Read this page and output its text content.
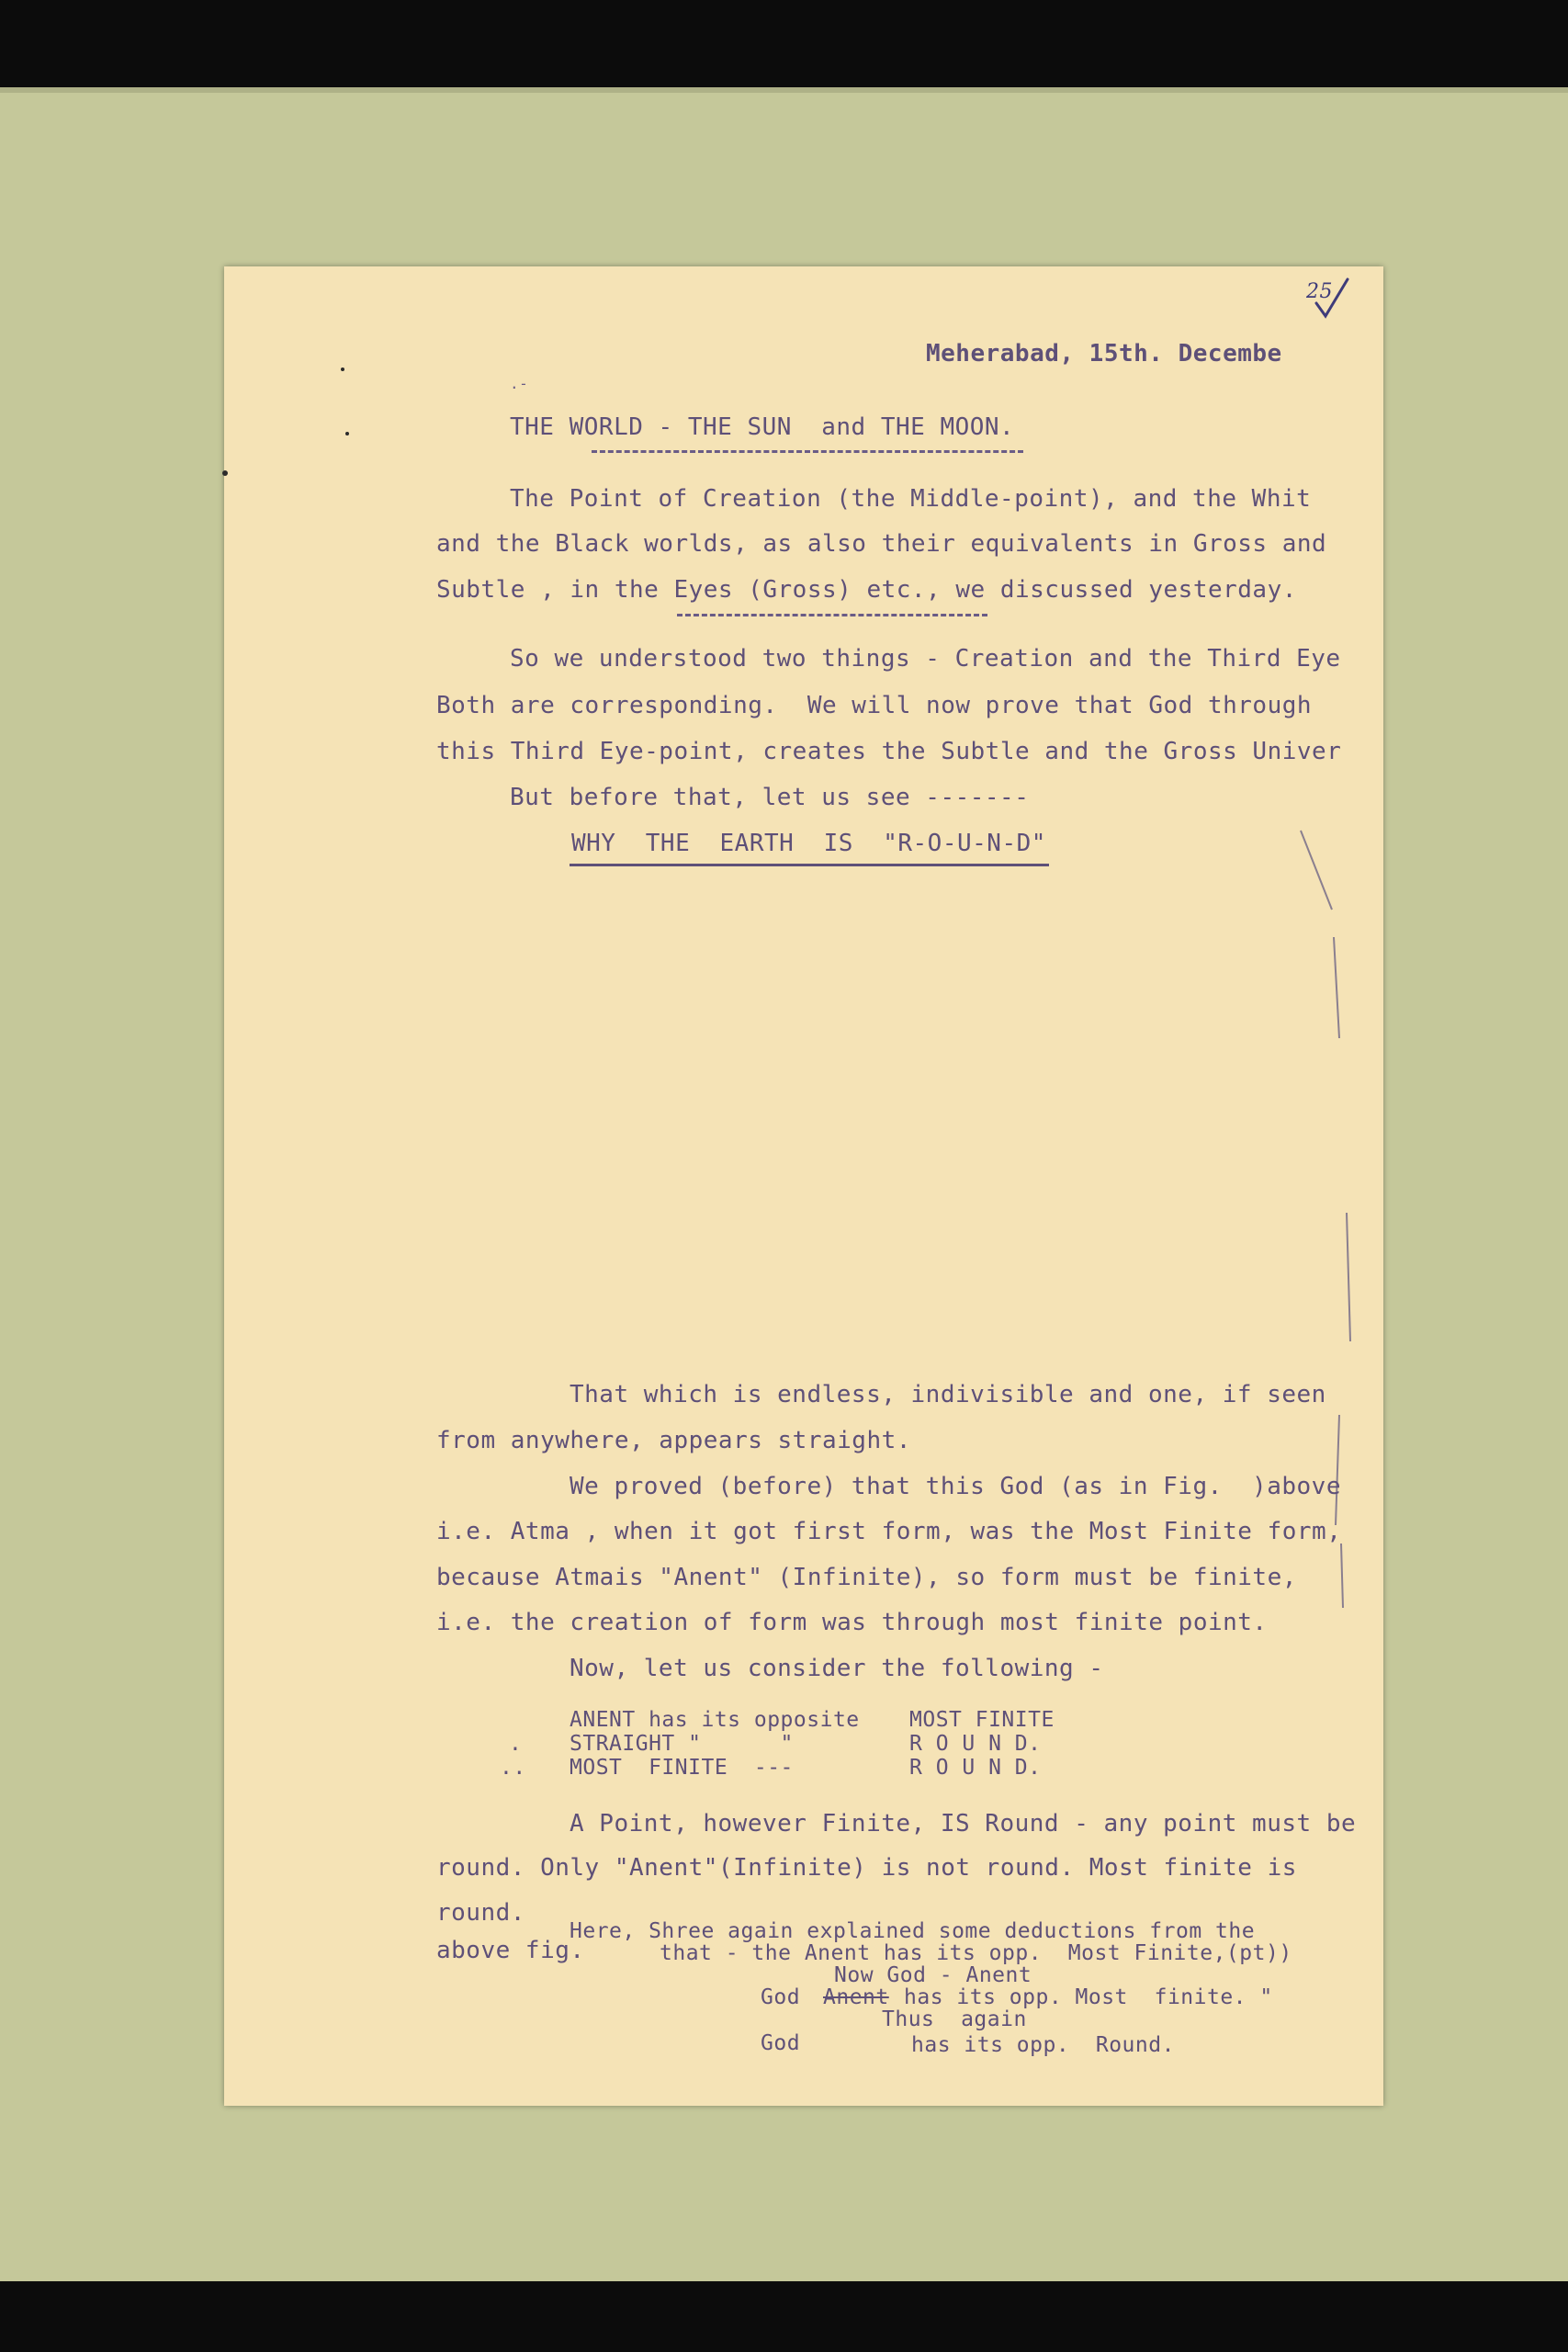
25
Meherabad, 15th. Decembe
.-
THE WORLD - THE SUN  and THE MOON.
The Point of Creation (the Middle-point), and the Whit
and the Black worlds, as also their equivalents in Gross and
Subtle , in the Eyes (Gross) etc., we discussed yesterday.
So we understood two things - Creation and the Third Eye
Both are corresponding.  We will now prove that God through
this Third Eye-point, creates the Subtle and the Gross Univer
But before that, let us see -------
WHY  THE  EARTH  IS  "R-O-U-N-D"
That which is endless, indivisible and one, if seen
from anywhere, appears straight.
We proved (before) that this God (as in Fig.  )above
i.e. Atma , when it got first form, was the Most Finite form,
because Atmais "Anent" (Infinite), so form must be finite,
i.e. the creation of form was through most finite point.
Now, let us consider the following -
ANENT has its opposite MOST FINITE
. STRAIGHT "      "	R O U N D.
.. MOST  FINITE  ---	R O U N D.
A Point, however Finite, IS Round - any point must be
round. Only "Anent"(Infinite) is not round. Most finite is
round.
Here, Shree again explained some deductions from the
above fig.	that - the Anent has its opp.  Most Finite,(pt))
Now God - Anent
God Anent has its opp. Most  finite. "
Thus  again
God	has its opp.  Round.
